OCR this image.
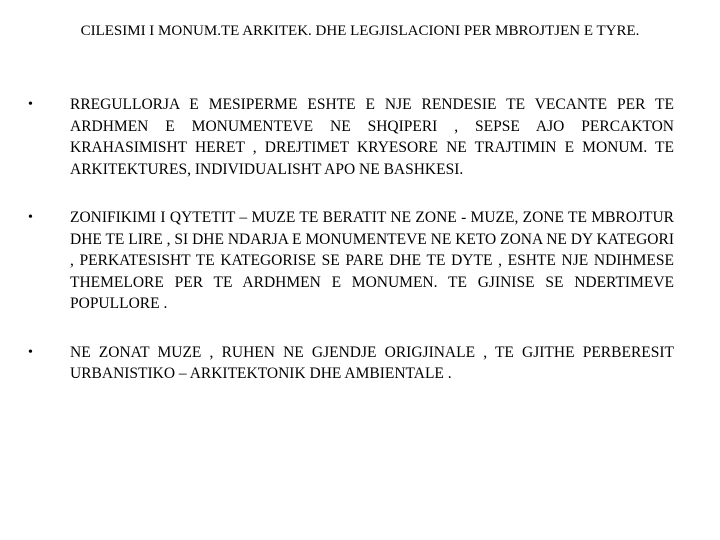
CILESIMI I MONUM.TE ARKITEK. DHE LEGJISLACIONI PER MBROJTJEN E TYRE.
•	RREGULLORJA E MESIPERME ESHTE E NJE RENDESIE TE VECANTE PER TE ARDHMEN E MONUMENTEVE NE SHQIPERI , SEPSE AJO PERCAKTON KRAHASIMISHT HERET , DREJTIMET KRYESORE NE TRAJTIMIN E MONUM. TE ARKITEKTURES, INDIVIDUALISHT APO NE BASHKESI.
•	ZONIFIKIMI I QYTETIT – MUZE TE BERATIT NE ZONE - MUZE, ZONE TE MBROJTUR DHE TE LIRE , SI DHE NDARJA E MONUMENTEVE NE KETO ZONA NE DY KATEGORI , PERKATESISHT TE KATEGORISE SE PARE DHE TE DYTE , ESHTE NJE NDIHMESE THEMELORE PER TE ARDHMEN E MONUMEN. TE GJINISE SE NDERTIMEVE POPULLORE .
•	NE ZONAT MUZE , RUHEN NE GJENDJE ORIGJINALE , TE GJITHE PERBERESIT URBANISTIKO – ARKITEKTONIK DHE AMBIENTALE .
